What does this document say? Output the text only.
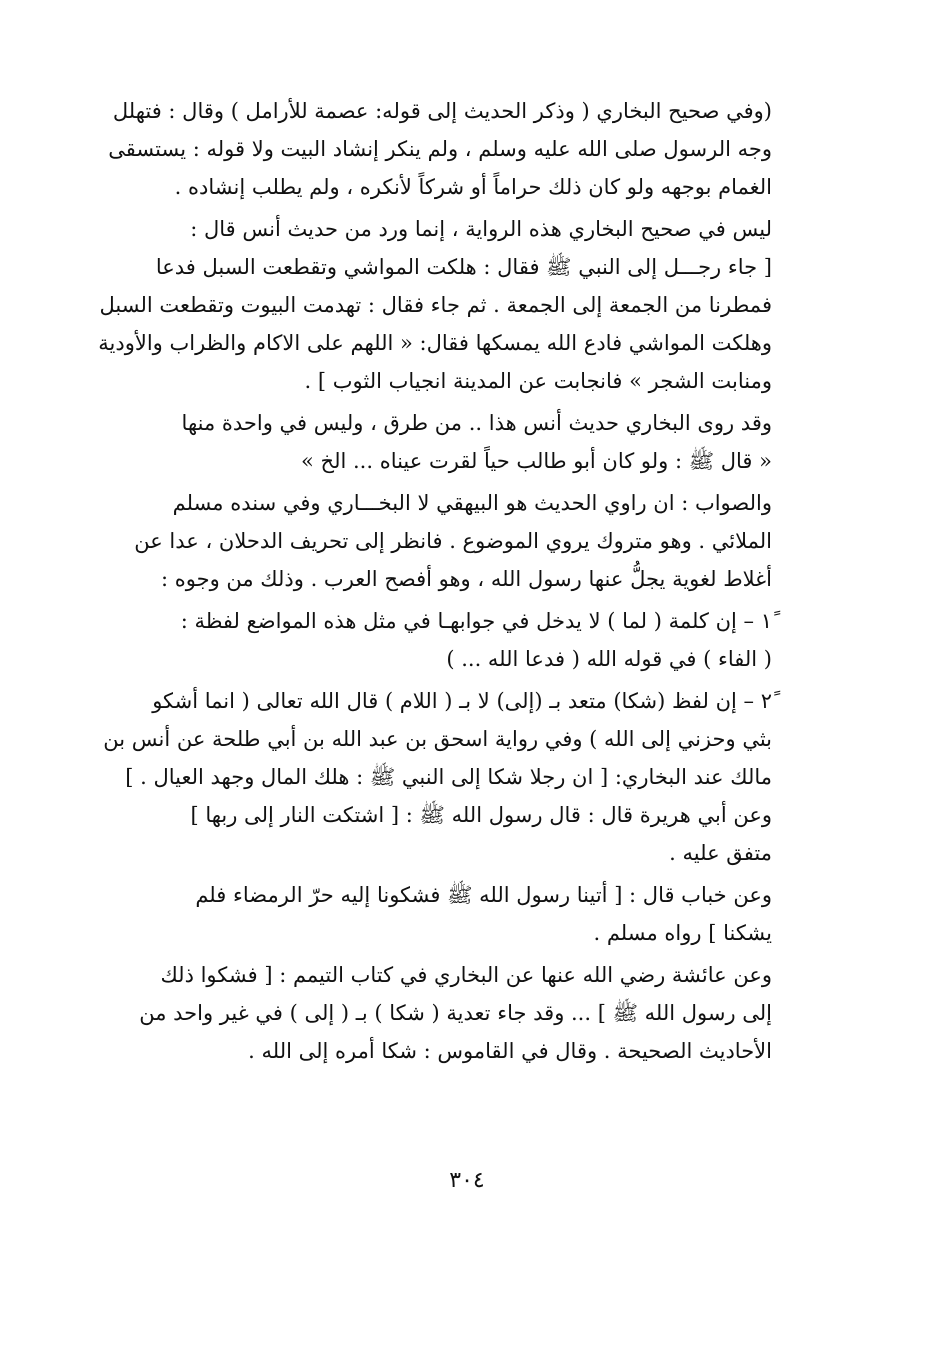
(وفي صحيح البخاري ( وذكر الحديث إلى قوله: عصمة للأرامل ) وقال : فتهلل
وجه الرسول صلى الله عليه وسلم ، ولم ينكر إنشاد البيت ولا قوله : يستسقى
الغمام بوجهه ولو كان ذلك حراماً أو شركاً لأنكره ، ولم يطلب إنشاده .
ليس في صحيح البخاري هذه الرواية ، إنما ورد من حديث أنس قال :
[ جاء رجـــل إلى النبي ﷺ فقال : هلكت المواشي وتقطعت السبل فدعا
فمطرنا من الجمعة إلى الجمعة . ثم جاء فقال : تهدمت البيوت وتقطعت السبل
وهلكت المواشي فادع الله يمسكها فقال: « اللهم على الاكام والظراب والأودية
ومنابت الشجر » فانجابت عن المدينة انجياب الثوب ] .
وقد روى البخاري حديث أنس هذا .. من طرق ، وليس في واحدة منها
« قال ﷺ : ولو كان أبو طالب حياً لقرت عيناه ... الخ »
والصواب : ان راوي الحديث هو البيهقي لا البخـــاري وفي سنده مسلم
الملائي . وهو متروك يروي الموضوع . فانظر إلى تحريف الدحلان ، عدا عن
أغلاط لغوية يجلُّ عنها رسول الله ، وهو أفصح العرب . وذلك من وجوه :
١ً – إن كلمة ( لما ) لا يدخل في جوابهـا في مثل هذه المواضع لفظة :
( الفاء ) في قوله الله ( فدعا الله ... )
٢ً – إن لفظ (شكا) متعد بـ (إلى) لا بـ ( اللام ) قال الله تعالى ( انما أشكو
بثي وحزني إلى الله ) وفي رواية اسحق بن عبد الله بن أبي طلحة عن أنس بن
مالك عند البخاري: [ ان رجلا شكا إلى النبي ﷺ : هلك المال وجهد العيال . ]
وعن أبي هريرة قال : قال رسول الله ﷺ : [ اشتكت النار إلى ربها ]
متفق عليه .
وعن خباب قال : [ أتينا رسول الله ﷺ فشكونا إليه حرّ الرمضاء فلم
يشكنا ] رواه مسلم .
وعن عائشة رضي الله عنها عن البخاري في كتاب التيمم : [ فشكوا ذلك
إلى رسول الله ﷺ ] ... وقد جاء تعدية ( شكا ) بـ ( إلى ) في غير واحد من
الأحاديث الصحيحة . وقال في القاموس : شكا أمره إلى الله .
٣٠٤
